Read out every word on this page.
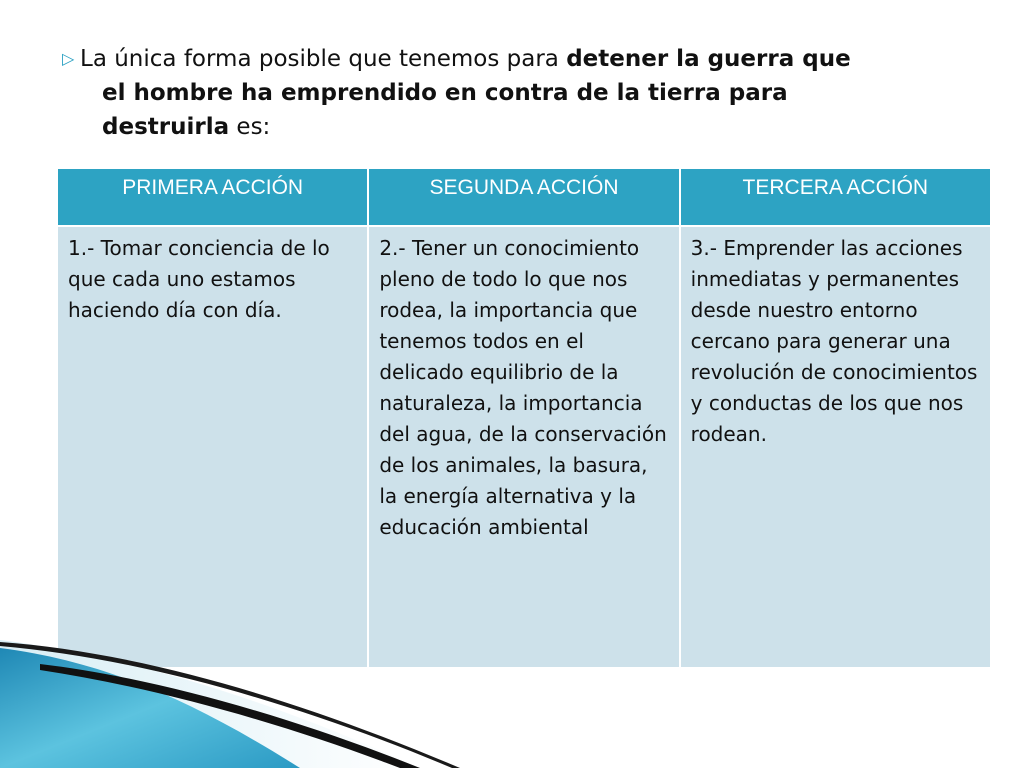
▷ La única forma posible que tenemos para detener la guerra que
el hombre ha emprendido en contra de la tierra para
destruirla es:
PRIMERA ACCIÓN	SEGUNDA ACCIÓN	TERCERA ACCIÓN
1.- Tomar conciencia de lo que cada uno estamos haciendo día con día.	2.- Tener un conocimiento pleno de todo lo que nos rodea, la importancia que tenemos todos en el delicado equilibrio de la naturaleza, la importancia del agua, de la conservación de los animales, la basura, la energía alternativa y la educación ambiental	3.- Emprender las acciones inmediatas y permanentes desde nuestro entorno cercano para generar una revolución de conocimientos y conductas de los que nos rodean.
